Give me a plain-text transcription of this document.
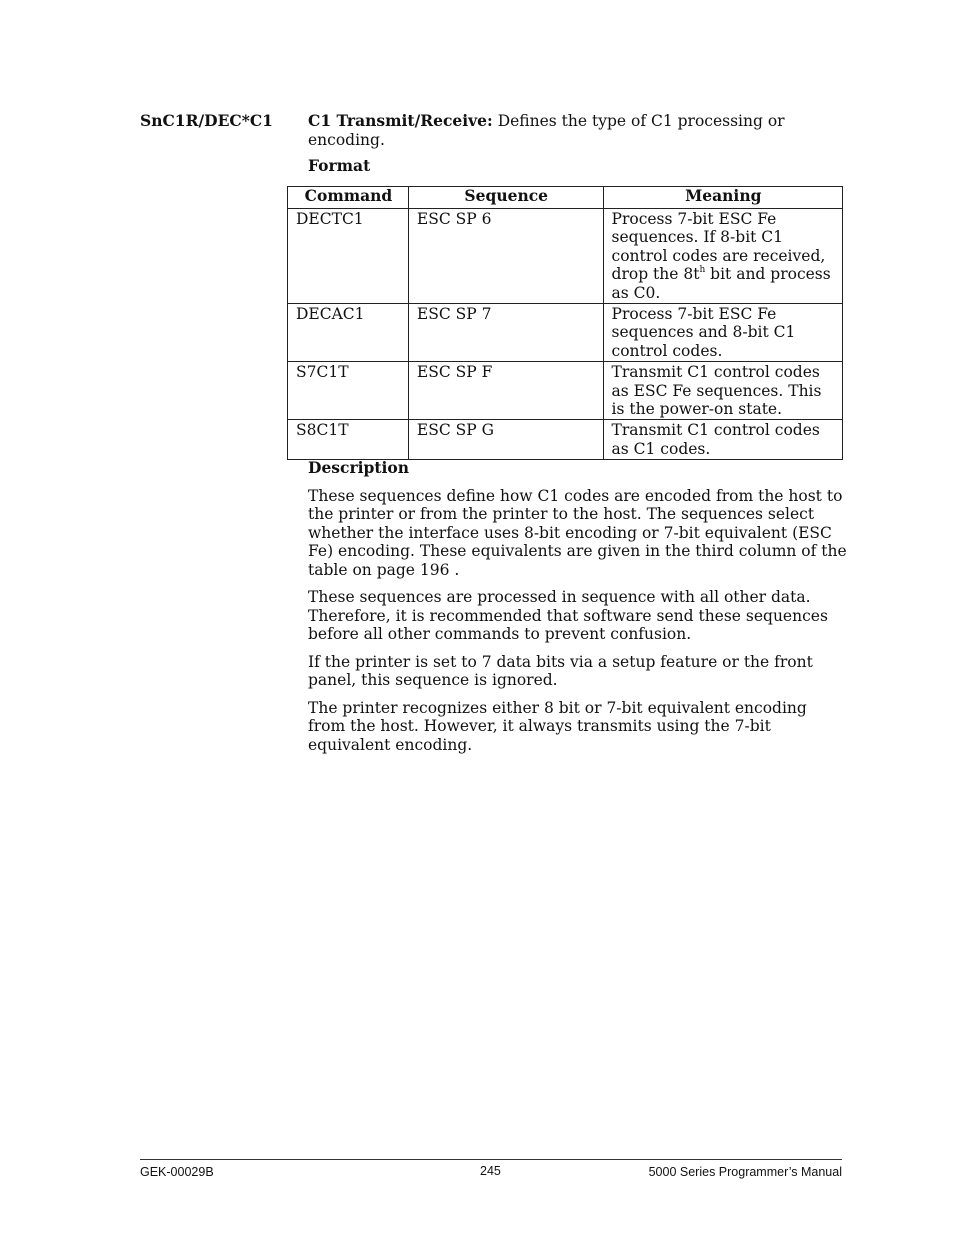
SnC1R/DEC*C1 C1 Transmit/Receive: Defines the type of C1 processing or encoding.

Format

Command	Sequence	Meaning
DECTC1	ESC SP 6	Process 7-bit ESC Fe sequences. If 8-bit C1 control codes are received, drop the $8t^h$ bit and process as C0.
DECAC1	ESC SP 7	Process 7-bit ESC Fe sequences and 8-bit C1 control codes.
S7C1T	ESC SP F	Transmit C1 control codes as ESC Fe sequences. This is the power-on state.
S8C1T	ESC SP G	Transmit C1 control codes as C1 codes.
Description

These sequences define how C1 codes are encoded from the host to the printer or from the printer to the host. The sequences select whether the interface uses 8-bit encoding or 7-bit equivalent (ESC Fe) encoding. These equivalents are given in the third column of the table on page 196 .

These sequences are processed in sequence with all other data. Therefore, it is recommended that software send these sequences before all other commands to prevent confusion.

If the printer is set to 7 data bits via a setup feature or the front panel, this sequence is ignored.

The printer recognizes either 8 bit or 7-bit equivalent encoding from the host. However, it always transmits using the 7-bit equivalent encoding.

GEK-00029B	245	5000 Series Programmer’s Manual
